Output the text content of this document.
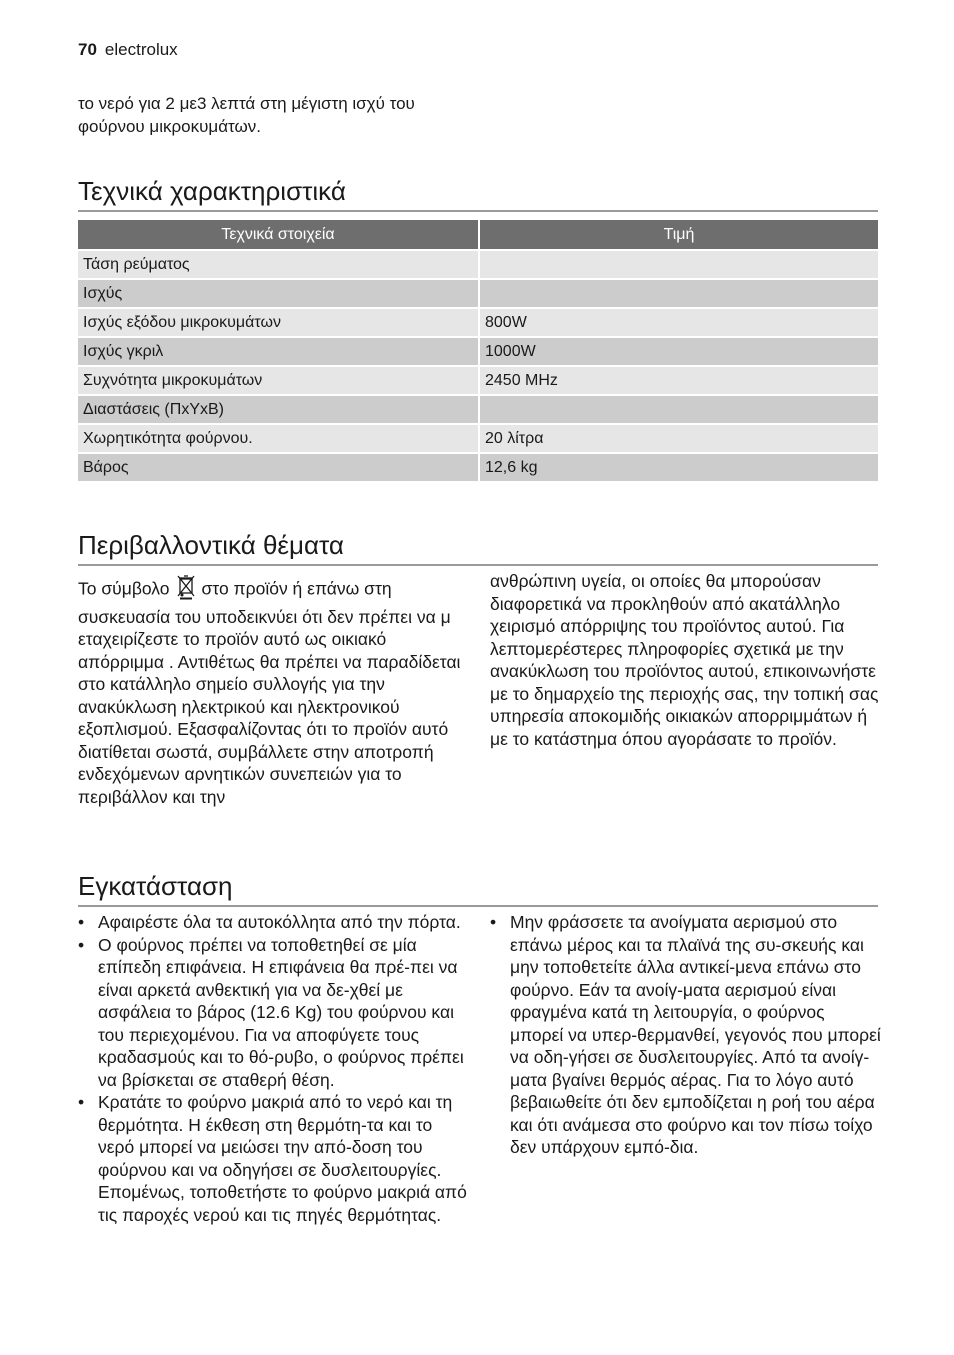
70 electrolux
το νερό για 2 με3 λεπτά στη μέγιστη ισχύ του φούρνου μικροκυμάτων.
Τεχνικά χαρακτηριστικά
Τεχνικά στοιχεία	Τιμή
Τάση ρεύματος	
Ισχύς	
Ισχύς εξόδου μικροκυμάτων	800W
Ισχύς γκριλ	1000W
Συχνότητα μικροκυμάτων	2450 MHz
Διαστάσεις (ΠxΥxΒ)	
Χωρητικότητα φούρνου.	20 λίτρα
Βάρος	12,6 kg
Περιβαλλοντικά θέματα

Το σύμβολο στο προϊόν ή επάνω στη συσκευασία του υποδεικνύει ότι δεν πρέπει να μ εταχειρίζεστε το προϊόν αυτό ως οικιακό απόρριμμα . Αντιθέτως θα πρέπει να παραδίδεται στο κατάλληλο σημείο συλλογής για την ανακύκλωση ηλεκτρικού και ηλεκτρονικού εξοπλισμού. Εξασφαλίζοντας ότι το προϊόν αυτό διατίθεται σωστά, συμβάλλετε στην αποτροπή ενδεχόμενων αρνητικών συνεπειών για το περιβάλλον και την

ανθρώπινη υγεία, οι οποίες θα μπορούσαν διαφορετικά να προκληθούν από ακατάλληλο χειρισμό απόρριψης του προϊόντος αυτού. Για λεπτομερέστερες πληροφορίες σχετικά με την ανακύκλωση του προϊόντος αυτού, επικοινωνήστε με το δημαρχείο της περιοχής σας, την τοπική σας υπηρεσία αποκομιδής οικιακών απορριμμάτων ή με το κατάστημα όπου αγοράσατε το προϊόν.

Εγκατάσταση
• Αφαιρέστε όλα τα αυτοκόλλητα από την πόρτα.
• Ο φούρνος πρέπει να τοποθετηθεί σε μία επίπεδη επιφάνεια. Η επιφάνεια θα πρέ-πει να είναι αρκετά ανθεκτική για να δε-χθεί με ασφάλεια το βάρος (12.6 Kg) του φούρνου και του περιεχομένου. Για να αποφύγετε τους κραδασμούς και το θό-ρυβο, ο φούρνος πρέπει να βρίσκεται σε σταθερή θέση.
• Κρατάτε το φούρνο μακριά από το νερό και τη θερμότητα. Η έκθεση στη θερμότη-τα και το νερό μπορεί να μειώσει την από-δοση του φούρνου και να οδηγήσει σε δυσλειτουργίες. Επομένως, τοποθετήστε το φούρνο μακριά από τις παροχές νερού και τις πηγές θερμότητας.
• Μην φράσσετε τα ανοίγματα αερισμού στο επάνω μέρος και τα πλαϊνά της συ-σκευής και μην τοποθετείτε άλλα αντικεί-μενα επάνω στο φούρνο. Εάν τα ανοίγ-ματα αερισμού είναι φραγμένα κατά τη λειτουργία, ο φούρνος μπορεί να υπερ-θερμανθεί, γεγονός που μπορεί να οδη-γήσει σε δυσλειτουργίες. Από τα ανοίγ-ματα βγαίνει θερμός αέρας. Για το λόγο αυτό βεβαιωθείτε ότι δεν εμποδίζεται η ροή του αέρα και ότι ανάμεσα στο φούρνο και τον πίσω τοίχο δεν υπάρχουν εμπό-δια.
